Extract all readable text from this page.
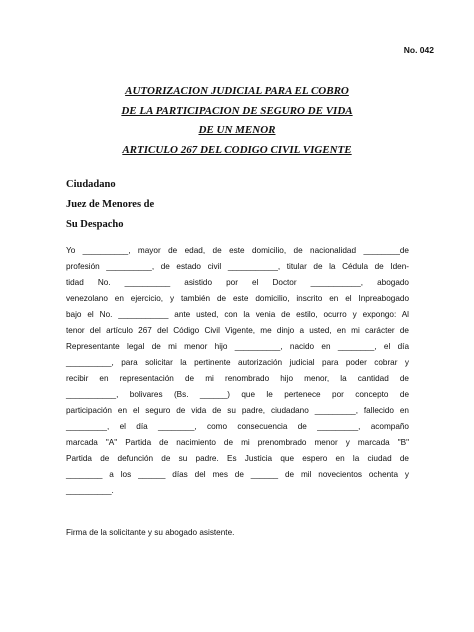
No. 042
AUTORIZACION JUDICIAL PARA EL COBRO
DE LA PARTICIPACION DE SEGURO DE VIDA
DE UN MENOR
ARTICULO 267 DEL CODIGO CIVIL VIGENTE
Ciudadano
Juez de Menores de
Su Despacho
Yo __________, mayor de edad, de este domicilio, de nacionalidad ________de
profesión __________, de estado civil ___________, titular de la Cédula de Iden-
tidad No. __________ asistido por el Doctor ___________, abogado
venezolano en ejercicio, y también de este domicilio, inscrito en el Inpreabogado
bajo el No. ___________ ante usted, con la venia de estilo, ocurro y expongo: Al
tenor del artículo 267 del Código Civil Vigente, me dinjo a usted, en mi carácter de
Representante legal de mi menor hijo __________, nacido en ________, el día
__________, para solicitar la pertinente autorización judicial para poder cobrar y
recibir en representación de mi renombrado hijo menor, la cantidad de
___________, bolivares (Bs. ______) que le pertenece por concepto de
participación en el seguro de vida de su padre, ciudadano _________, fallecido en
_________, el día ________, como consecuencia de _________, acompaño
marcada "A" Partida de nacimiento de mi prenombrado menor y marcada "B"
Partida de defunción de su padre. Es Justicia que espero en la ciudad de
________ a los ______ días del mes de ______ de mil novecientos ochenta y
__________.
Firma de la solicitante y su abogado asistente.
